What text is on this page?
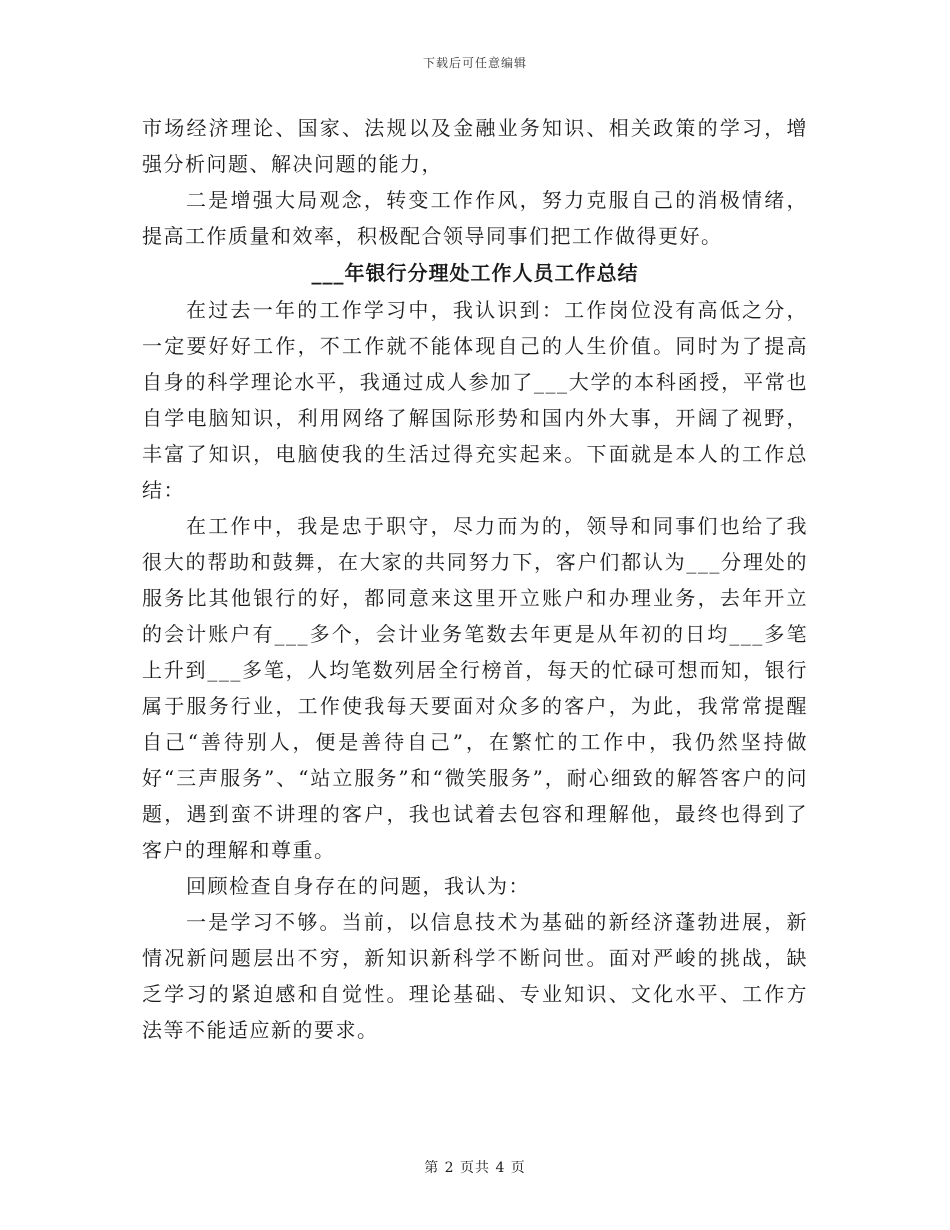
下载后可任意编辑

市场经济理论、国家、法规以及金融业务知识、相关政策的学习，增强分析问题、解决问题的能力，

二是增强大局观念，转变工作作风，努力克服自己的消极情绪，提高工作质量和效率，积极配合领导同事们把工作做得更好。

___年银行分理处工作人员工作总结

在过去一年的工作学习中，我认识到：工作岗位没有高低之分，一定要好好工作，不工作就不能体现自己的人生价值。同时为了提高自身的科学理论水平，我通过成人参加了___大学的本科函授，平常也自学电脑知识，利用网络了解国际形势和国内外大事，开阔了视野，丰富了知识，电脑使我的生活过得充实起来。下面就是本人的工作总结：

在工作中，我是忠于职守，尽力而为的，领导和同事们也给了我很大的帮助和鼓舞，在大家的共同努力下，客户们都认为___分理处的服务比其他银行的好，都同意来这里开立账户和办理业务，去年开立的会计账户有___多个，会计业务笔数去年更是从年初的日均___多笔上升到___多笔，人均笔数列居全行榜首，每天的忙碌可想而知，银行属于服务行业，工作使我每天要面对众多的客户，为此，我常常提醒自己“善待别人，便是善待自己”，在繁忙的工作中，我仍然坚持做好“三声服务”、“站立服务”和“微笑服务”，耐心细致的解答客户的问题，遇到蛮不讲理的客户，我也试着去包容和理解他，最终也得到了客户的理解和尊重。

回顾检查自身存在的问题，我认为：

一是学习不够。当前，以信息技术为基础的新经济蓬勃进展，新情况新问题层出不穷，新知识新科学不断问世。面对严峻的挑战，缺乏学习的紧迫感和自觉性。理论基础、专业知识、文化水平、工作方法等不能适应新的要求。

第 2 页共 4 页
